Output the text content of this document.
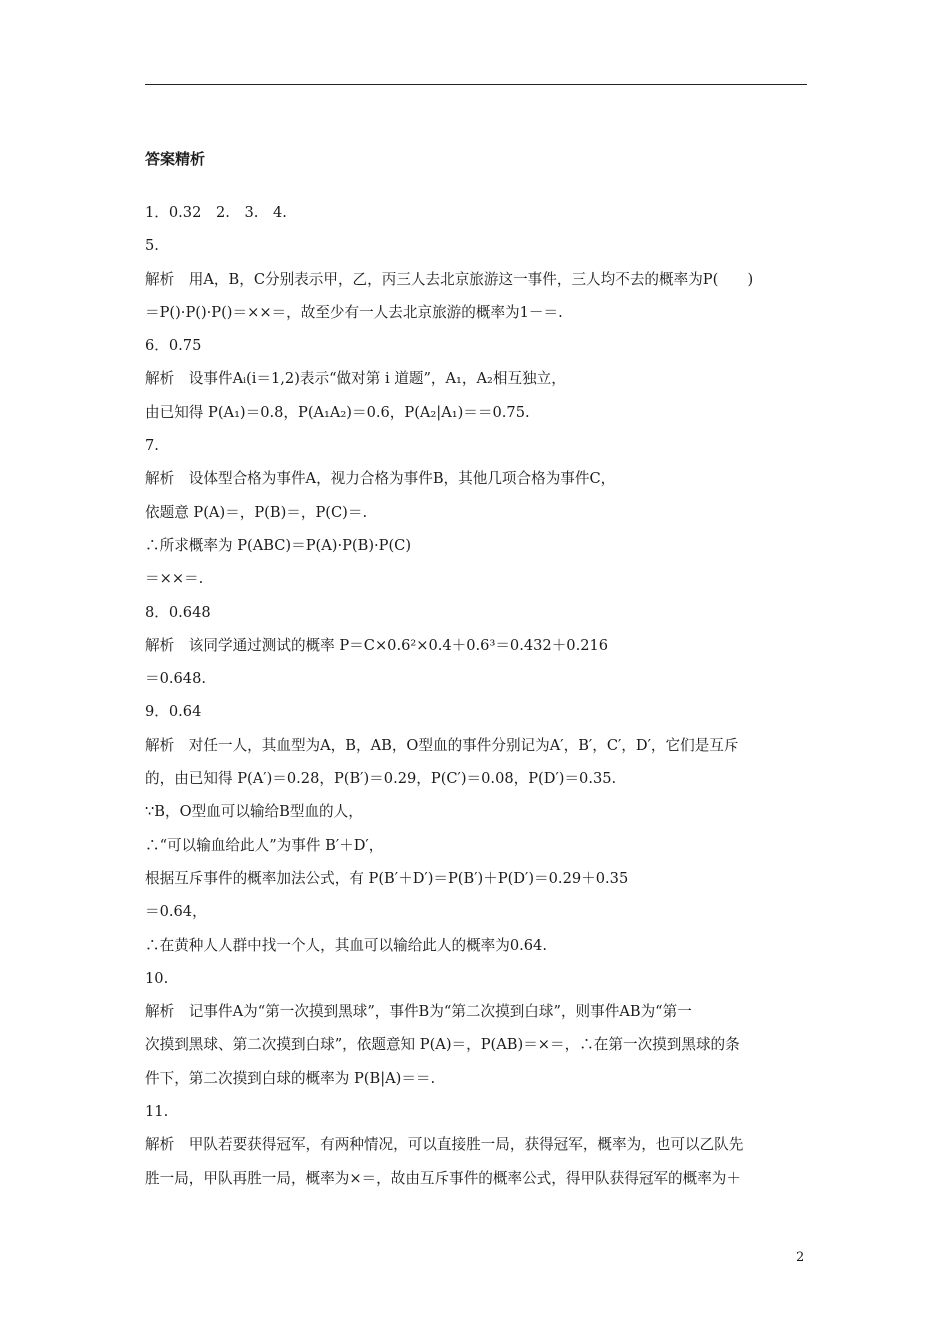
答案精析
1．0.32　2.　3.　4.
5.
解析　用A，B，C分别表示甲，乙，丙三人去北京旅游这一事件，三人均不去的概率为P(　　)
＝P()·P()·P()＝××＝，故至少有一人去北京旅游的概率为1－＝.
6．0.75
解析　设事件Aᵢ(i＝1,2)表示“做对第 i 道题”，A₁，A₂相互独立，
由已知得 P(A₁)＝0.8，P(A₁A₂)＝0.6，P(A₂|A₁)＝＝0.75.
7.
解析　设体型合格为事件A，视力合格为事件B，其他几项合格为事件C，
依题意 P(A)＝，P(B)＝，P(C)＝.
∴所求概率为 P(ABC)＝P(A)·P(B)·P(C)
＝××＝.
8．0.648
解析　该同学通过测试的概率 P＝C×0.6²×0.4＋0.6³＝0.432＋0.216
＝0.648.
9．0.64
解析　对任一人，其血型为A，B，AB，O型血的事件分别记为A′，B′，C′，D′，它们是互斥
的，由已知得 P(A′)＝0.28，P(B′)＝0.29，P(C′)＝0.08，P(D′)＝0.35.
∵B，O型血可以输给B型血的人，
∴“可以输血给此人”为事件 B′＋D′，
根据互斥事件的概率加法公式，有 P(B′＋D′)＝P(B′)＋P(D′)＝0.29＋0.35
＝0.64，
∴在黄种人人群中找一个人，其血可以输给此人的概率为0.64.
10.
解析　记事件A为“第一次摸到黑球”，事件B为“第二次摸到白球”，则事件AB为“第一
次摸到黑球、第二次摸到白球”，依题意知 P(A)＝，P(AB)＝×＝，∴在第一次摸到黑球的条
件下，第二次摸到白球的概率为 P(B|A)＝＝.
11.
解析　甲队若要获得冠军，有两种情况，可以直接胜一局，获得冠军，概率为，也可以乙队先
胜一局，甲队再胜一局，概率为×＝，故由互斥事件的概率公式，得甲队获得冠军的概率为＋
2
